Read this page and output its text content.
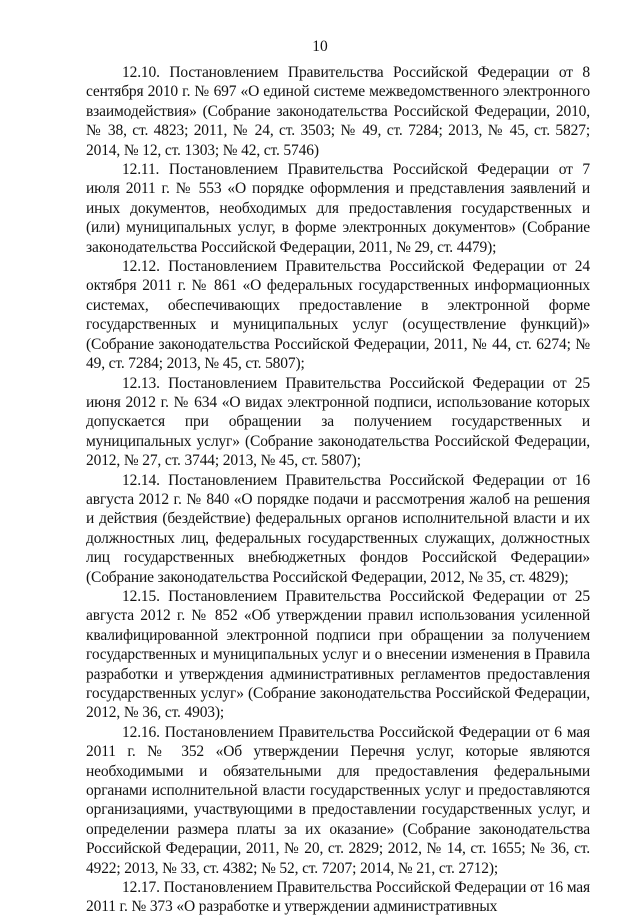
10

12.10. Постановлением Правительства Российской Федерации от 8 сентября 2010 г. № 697 «О единой системе межведомственного электронного взаимодействия» (Собрание законодательства Российской Федерации, 2010, № 38, ст. 4823; 2011, № 24, ст. 3503; № 49, ст. 7284; 2013, № 45, ст. 5827; 2014, № 12, ст. 1303; № 42, ст. 5746)

12.11. Постановлением Правительства Российской Федерации от 7 июля 2011 г. № 553 «О порядке оформления и представления заявлений и иных документов, необходимых для предоставления государственных и (или) муниципальных услуг, в форме электронных документов» (Собрание законодательства Российской Федерации, 2011, № 29, ст. 4479);

12.12. Постановлением Правительства Российской Федерации от 24 октября 2011 г. № 861 «О федеральных государственных информационных системах, обеспечивающих предоставление в электронной форме государственных и муниципальных услуг (осуществление функций)» (Собрание законодательства Российской Федерации, 2011, № 44, ст. 6274; № 49, ст. 7284; 2013, № 45, ст. 5807);

12.13. Постановлением Правительства Российской Федерации от 25 июня 2012 г. № 634 «О видах электронной подписи, использование которых допускается при обращении за получением государственных и муниципальных услуг» (Собрание законодательства Российской Федерации, 2012, № 27, ст. 3744; 2013, № 45, ст. 5807);

12.14. Постановлением Правительства Российской Федерации от 16 августа 2012 г. № 840 «О порядке подачи и рассмотрения жалоб на решения и действия (бездействие) федеральных органов исполнительной власти и их должностных лиц, федеральных государственных служащих, должностных лиц государственных внебюджетных фондов Российской Федерации» (Собрание законодательства Российской Федерации, 2012, № 35, ст. 4829);

12.15. Постановлением Правительства Российской Федерации от 25 августа 2012 г. № 852 «Об утверждении правил использования усиленной квалифицированной электронной подписи при обращении за получением государственных и муниципальных услуг и о внесении изменения в Правила разработки и утверждения административных регламентов предоставления государственных услуг» (Собрание законодательства Российской Федерации, 2012, № 36, ст. 4903);

12.16. Постановлением Правительства Российской Федерации от 6 мая 2011 г. № 352 «Об утверждении Перечня услуг, которые являются необходимыми и обязательными для предоставления федеральными органами исполнительной власти государственных услуг и предоставляются организациями, участвующими в предоставлении государственных услуг, и определении размера платы за их оказание» (Собрание законодательства Российской Федерации, 2011, № 20, ст. 2829; 2012, № 14, ст. 1655; № 36, ст. 4922; 2013, № 33, ст. 4382; № 52, ст. 7207; 2014, № 21, ст. 2712);

12.17. Постановлением Правительства Российской Федерации от 16 мая 2011 г. № 373 «О разработке и утверждении административных
